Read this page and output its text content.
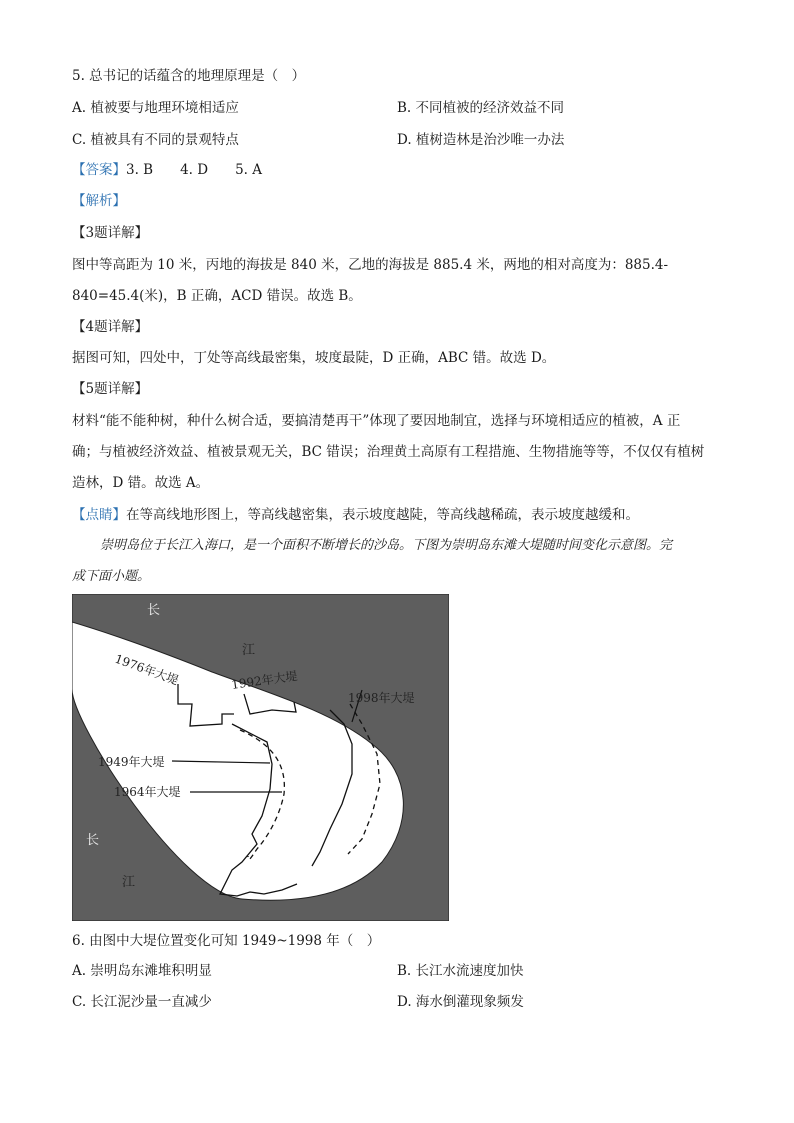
5. 总书记的话蕴含的地理原理是（　）
A. 植被要与地理环境相适应	B. 不同植被的经济效益不同
C. 植被具有不同的景观特点	D. 植树造林是治沙唯一办法
【答案】3. B　　4. D　　5. A
【解析】
【3题详解】
图中等高距为 10 米，丙地的海拔是 840 米，乙地的海拔是 885.4 米，两地的相对高度为：885.4-
840=45.4(米)，B 正确，ACD 错误。故选 B。
【4题详解】
据图可知，四处中，丁处等高线最密集，坡度最陡，D 正确，ABC 错。故选 D。
【5题详解】
材料“能不能种树，种什么树合适，要搞清楚再干”体现了要因地制宜，选择与环境相适应的植被，A 正
确；与植被经济效益、植被景观无关，BC 错误；治理黄土高原有工程措施、生物措施等等，不仅仅有植树
造林，D 错。故选 A。
【点睛】在等高线地形图上，等高线越密集，表示坡度越陡，等高线越稀疏，表示坡度越缓和。
崇明岛位于长江入海口，是一个面积不断增长的沙岛。下图为崇明岛东滩大堤随时间变化示意图。完
成下面小题。
长
江
1976年大堤	1992年大堤
1998年大堤
1949年大堤
1964年大堤
长
江
6. 由图中大堤位置变化可知 1949~1998 年（　）
A. 崇明岛东滩堆积明显	B. 长江水流速度加快
C. 长江泥沙量一直减少	D. 海水倒灌现象频发
